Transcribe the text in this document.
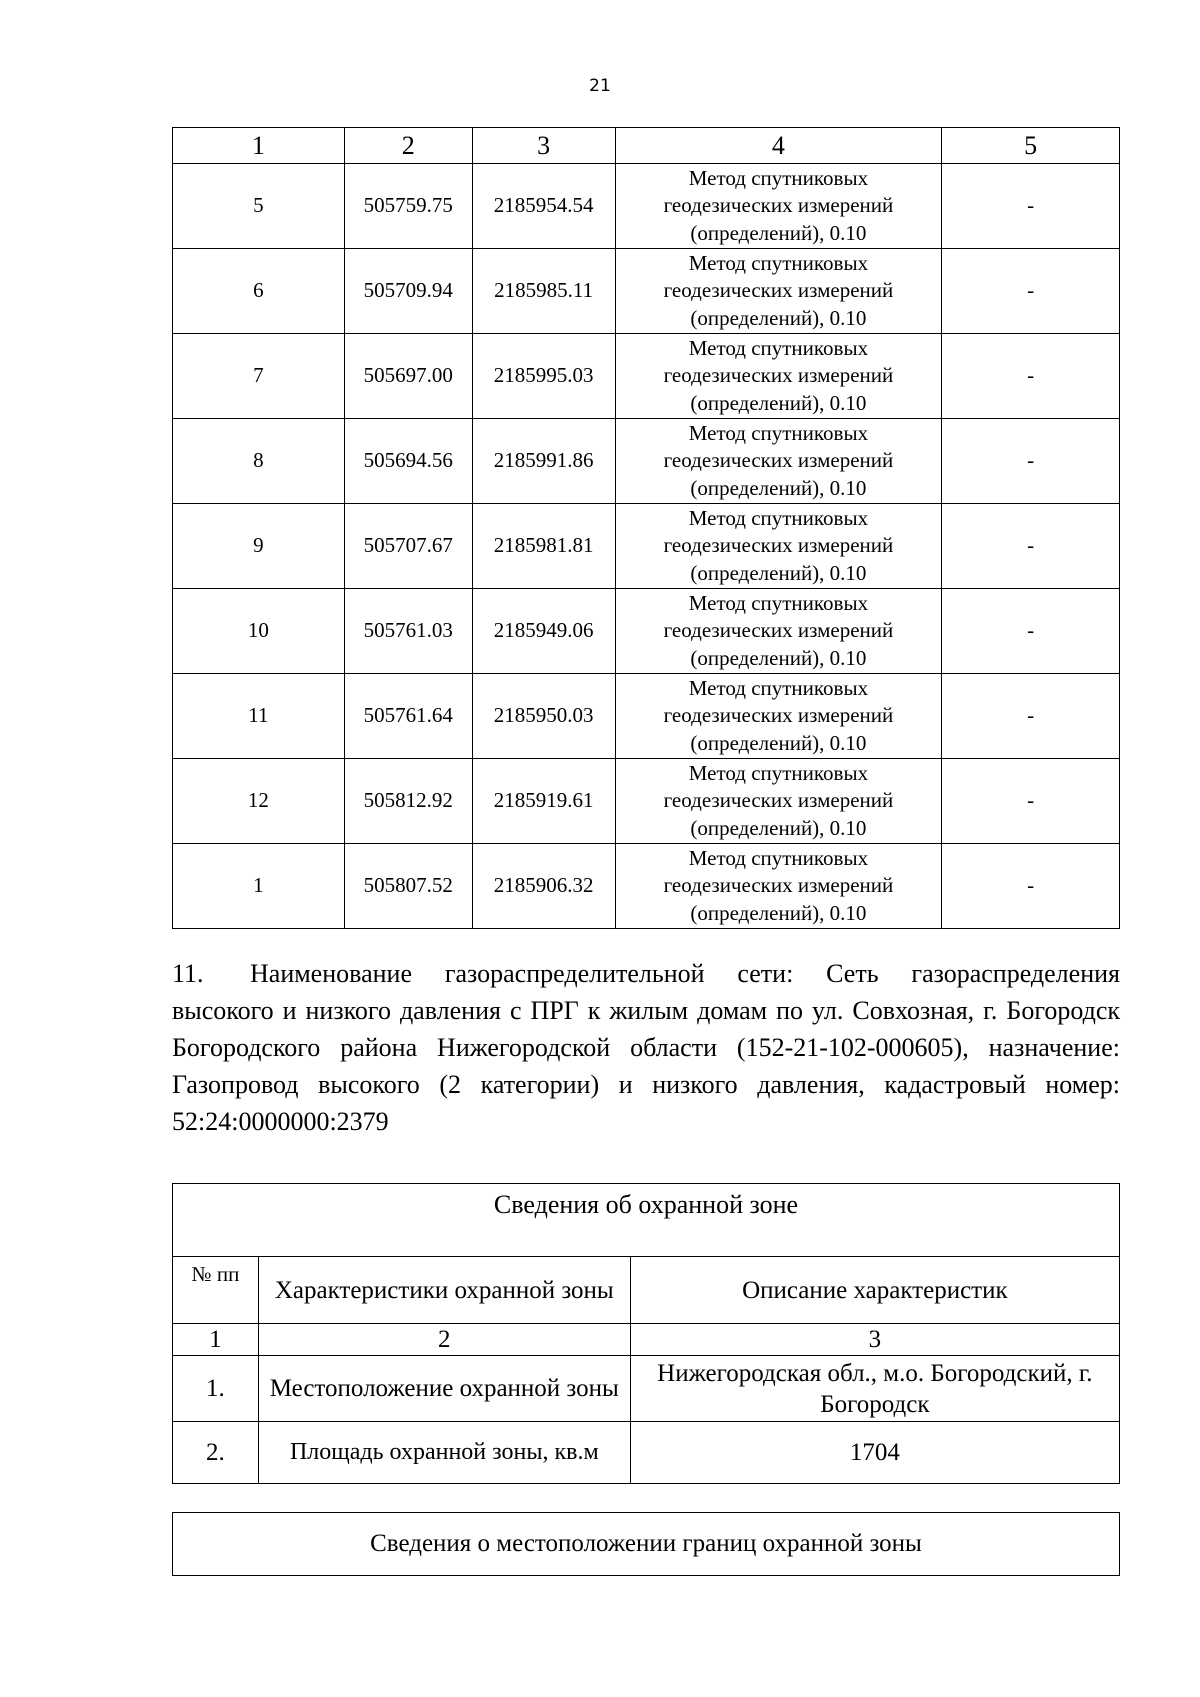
21
1	2	3	4	5
5	505759.75	2185954.54	Метод спутниковых
геодезических измерений
(определений), 0.10	-
6	505709.94	2185985.11	Метод спутниковых
геодезических измерений
(определений), 0.10	-
7	505697.00	2185995.03	Метод спутниковых
геодезических измерений
(определений), 0.10	-
8	505694.56	2185991.86	Метод спутниковых
геодезических измерений
(определений), 0.10	-
9	505707.67	2185981.81	Метод спутниковых
геодезических измерений
(определений), 0.10	-
10	505761.03	2185949.06	Метод спутниковых
геодезических измерений
(определений), 0.10	-
11	505761.64	2185950.03	Метод спутниковых
геодезических измерений
(определений), 0.10	-
12	505812.92	2185919.61	Метод спутниковых
геодезических измерений
(определений), 0.10	-
1	505807.52	2185906.32	Метод спутниковых
геодезических измерений
(определений), 0.10	-
11. Наименование газораспределительной сети: Сеть газораспределения высокого и низкого давления с ПРГ к жилым домам по ул. Совхозная, г. Богородск Богородского района Нижегородской области (152-21-102-000605), назначение: Газопровод высокого (2 категории) и низкого давления, кадастровый номер: 52:24:0000000:2379
Сведения об охранной зоне		
№ пп	Характеристики охранной зоны	Описание характеристик
1	2	3
1.	Местоположение охранной зоны	Нижегородская обл., м.о. Богородский, г. Богородск
2.	Площадь охранной зоны, кв.м	1704
Сведения о местоположении границ охранной зоны
